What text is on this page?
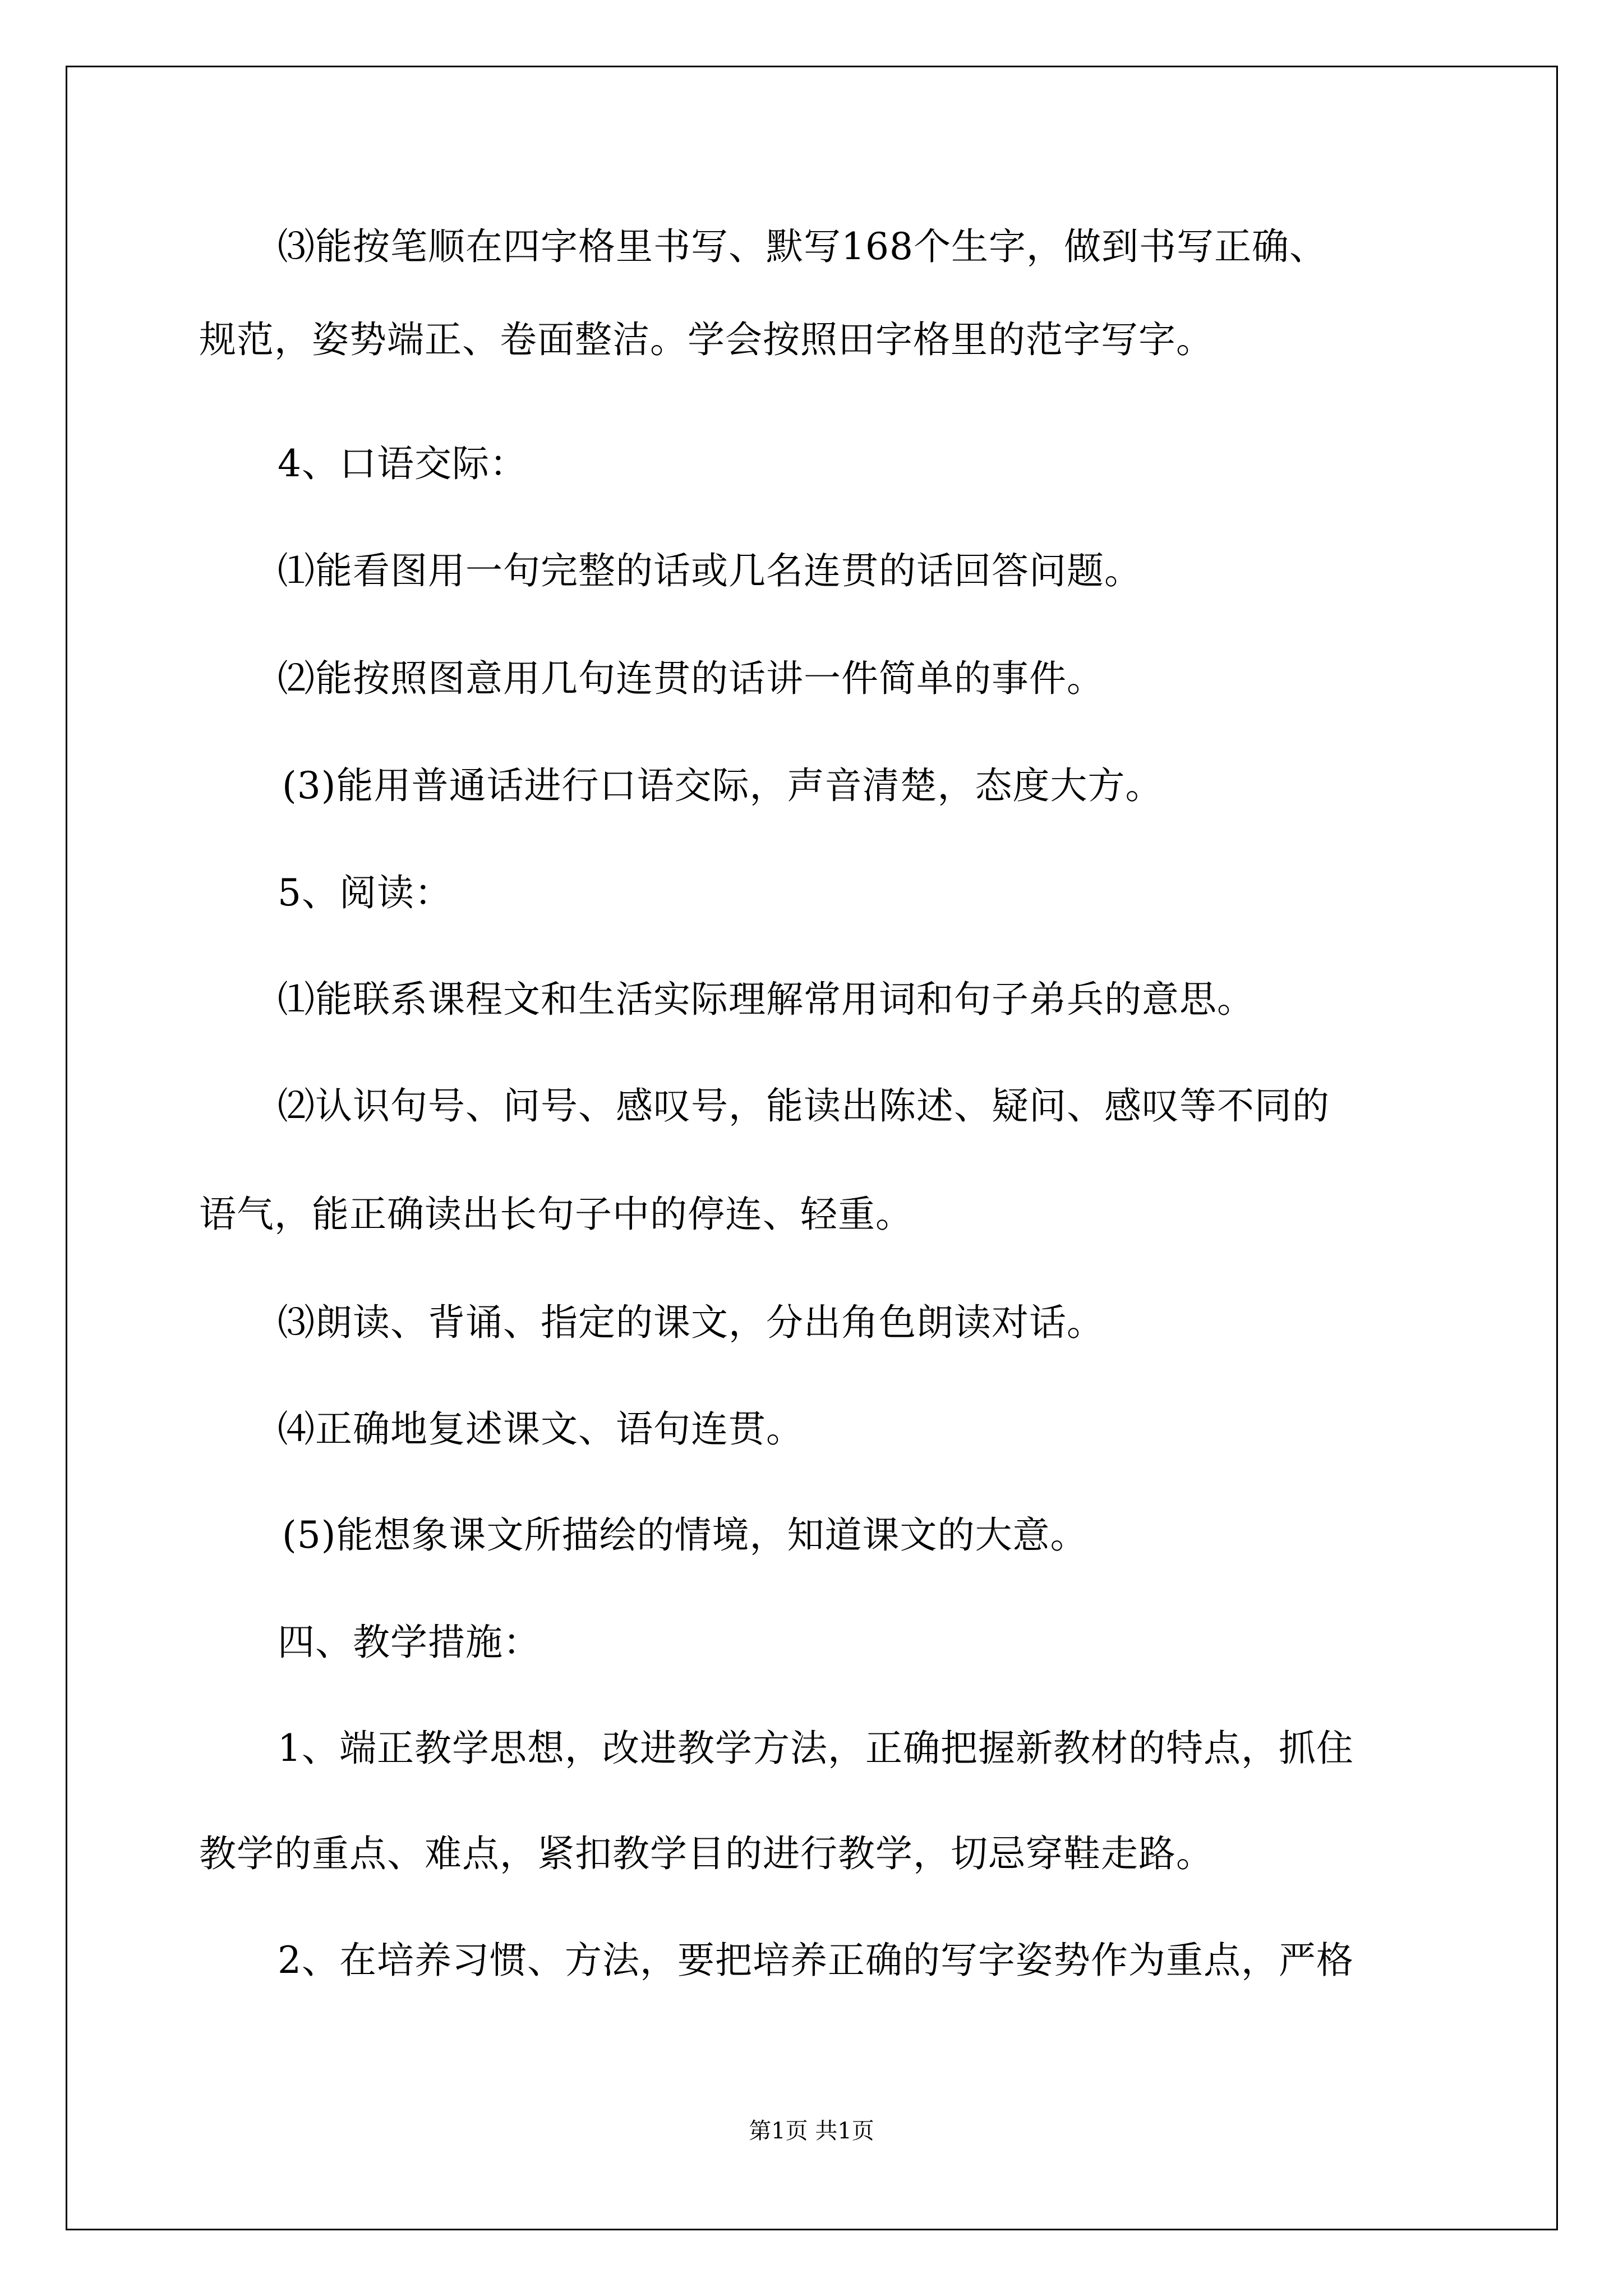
⑶能按笔顺在四字格里书写、默写168个生字，做到书写正确、
规范，姿势端正、卷面整洁。学会按照田字格里的范字写字。
4、口语交际：
⑴能看图用一句完整的话或几名连贯的话回答问题。
⑵能按照图意用几句连贯的话讲一件简单的事件。
(3)能用普通话进行口语交际，声音清楚，态度大方。
5、阅读：
⑴能联系课程文和生活实际理解常用词和句子弟兵的意思。
⑵认识句号、问号、感叹号，能读出陈述、疑问、感叹等不同的
语气，能正确读出长句子中的停连、轻重。
⑶朗读、背诵、指定的课文，分出角色朗读对话。
⑷正确地复述课文、语句连贯。
(5)能想象课文所描绘的情境，知道课文的大意。
四、教学措施：
1、端正教学思想，改进教学方法，正确把握新教材的特点，抓住
教学的重点、难点，紧扣教学目的进行教学，切忌穿鞋走路。
2、在培养习惯、方法，要把培养正确的写字姿势作为重点，严格
第1页 共1页
